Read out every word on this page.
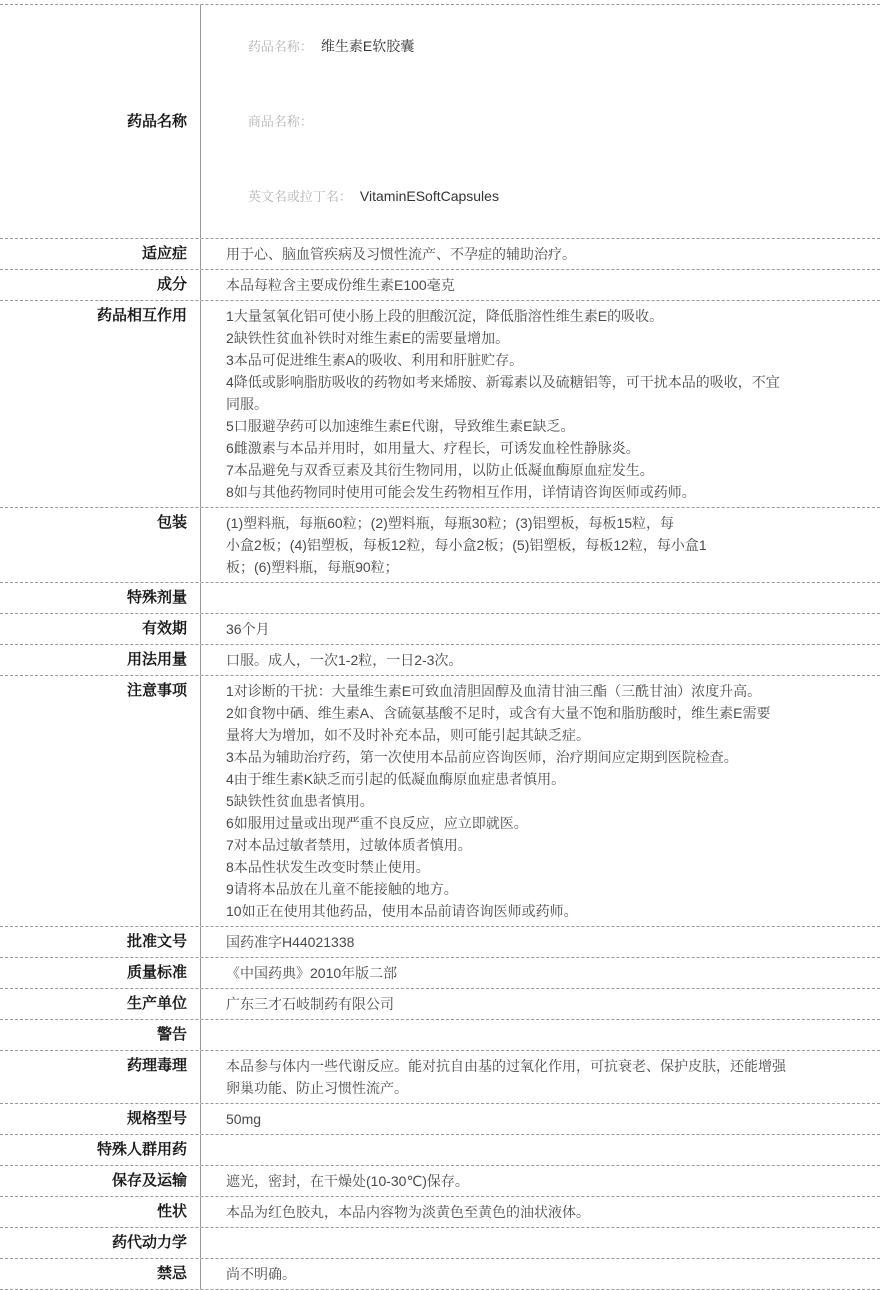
药品名称

药品名称： 维生素E软胶囊

商品名称：

英文名或拉丁名： VitaminESoftCapsules

适应症	用于心、脑血管疾病及习惯性流产、不孕症的辅助治疗。
成分	本品每粒含主要成份维生素E100毫克
药品相互作用	1大量氢氧化铝可使小肠上段的胆酸沉淀，降低脂溶性维生素E的吸收。
2缺铁性贫血补铁时对维生素E的需要量增加。
3本品可促进维生素A的吸收、利用和肝脏贮存。
4降低或影响脂肪吸收的药物如考来烯胺、新霉素以及硫糖铝等，可干扰本品的吸收，不宜
同服。
5口服避孕药可以加速维生素E代谢，导致维生素E缺乏。
6雌激素与本品并用时，如用量大、疗程长，可诱发血栓性静脉炎。
7本品避免与双香豆素及其衍生物同用，以防止低凝血酶原血症发生。
8如与其他药物同时使用可能会发生药物相互作用，详情请咨询医师或药师。
包装	(1)塑料瓶，每瓶60粒；(2)塑料瓶，每瓶30粒；(3)铝塑板，每板15粒，每
小盒2板；(4)铝塑板，每板12粒，每小盒2板；(5)铝塑板，每板12粒，每小盒1
板；(6)塑料瓶，每瓶90粒；
特殊剂量
有效期	36个月
用法用量	口服。成人，一次1-2粒，一日2-3次。
注意事项	1对诊断的干扰：大量维生素E可致血清胆固醇及血清甘油三酯（三酰甘油）浓度升高。
2如食物中硒、维生素A、含硫氨基酸不足时，或含有大量不饱和脂肪酸时，维生素E需要
量将大为增加，如不及时补充本品，则可能引起其缺乏症。
3本品为辅助治疗药，第一次使用本品前应咨询医师，治疗期间应定期到医院检查。
4由于维生素K缺乏而引起的低凝血酶原血症患者慎用。
5缺铁性贫血患者慎用。
6如服用过量或出现严重不良反应，应立即就医。
7对本品过敏者禁用，过敏体质者慎用。
8本品性状发生改变时禁止使用。
9请将本品放在儿童不能接触的地方。
10如正在使用其他药品，使用本品前请咨询医师或药师。
批准文号	国药准字H44021338
质量标准	《中国药典》2010年版二部
生产单位	广东三才石岐制药有限公司
警告
药理毒理	本品参与体内一些代谢反应。能对抗自由基的过氧化作用，可抗衰老、保护皮肤，还能增强
卵巢功能、防止习惯性流产。
规格型号	50mg
特殊人群用药
保存及运输	遮光，密封，在干燥处(10-30℃)保存。
性状	本品为红色胶丸，本品内容物为淡黄色至黄色的油状液体。
药代动力学
禁忌	尚不明确。
